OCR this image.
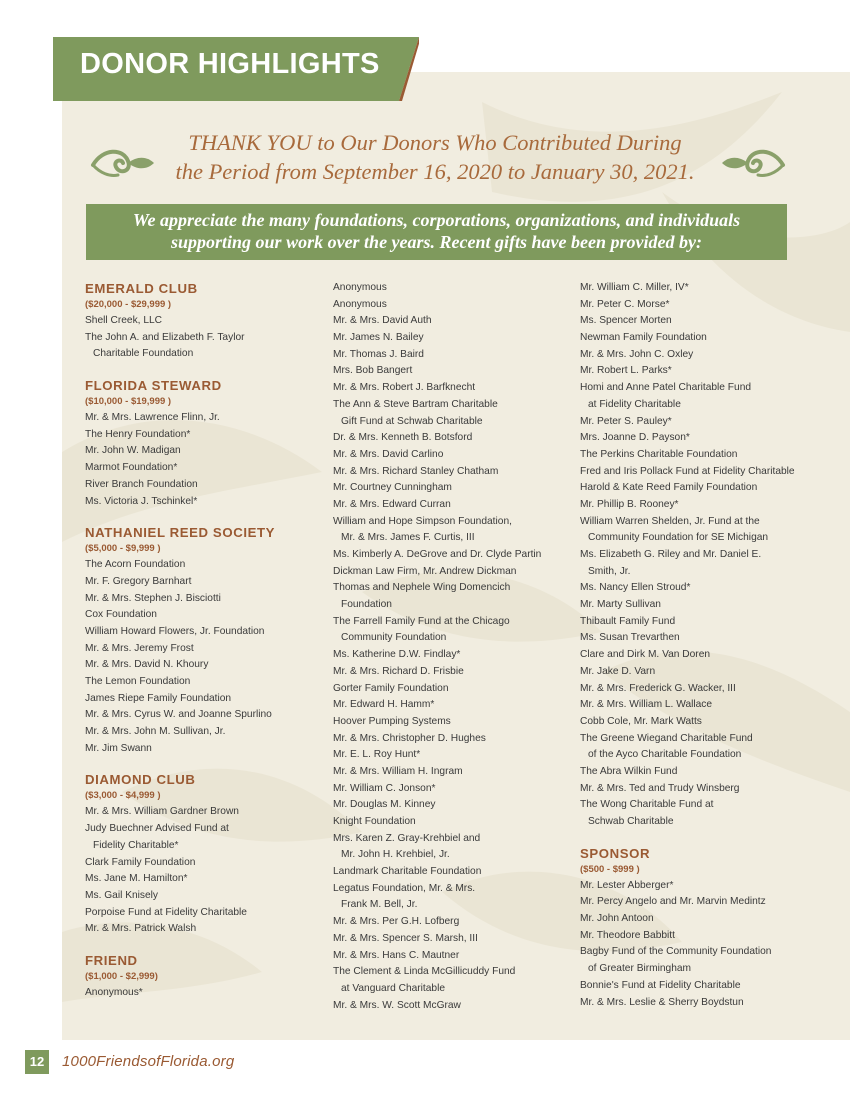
DONOR HIGHLIGHTS
THANK YOU to Our Donors Who Contributed During
the Period from September 16, 2020 to January 30, 2021.
We appreciate the many foundations, corporations, organizations, and individuals
supporting our work over the years. Recent gifts have been provided by:
EMERALD CLUB
($20,000 - $29,999 )
Shell Creek, LLC
The John A. and Elizabeth F. Taylor
Charitable Foundation
FLORIDA STEWARD
($10,000 - $19,999 )
Mr. & Mrs. Lawrence Flinn, Jr.
The Henry Foundation*
Mr. John W. Madigan
Marmot Foundation*
River Branch Foundation
Ms. Victoria J. Tschinkel*
NATHANIEL REED SOCIETY
($5,000 - $9,999 )
The Acorn Foundation
Mr. F. Gregory Barnhart
Mr. & Mrs. Stephen J. Bisciotti
Cox Foundation
William Howard Flowers, Jr. Foundation
Mr. & Mrs. Jeremy Frost
Mr. & Mrs. David N. Khoury
The Lemon Foundation
James Riepe Family Foundation
Mr. & Mrs. Cyrus W. and Joanne Spurlino
Mr. & Mrs. John M. Sullivan, Jr.
Mr. Jim Swann
DIAMOND CLUB
($3,000 - $4,999 )
Mr. & Mrs. William Gardner Brown
Judy Buechner Advised Fund at
Fidelity Charitable*
Clark Family Foundation
Ms. Jane M. Hamilton*
Ms. Gail Knisely
Porpoise Fund at Fidelity Charitable
Mr. & Mrs. Patrick Walsh
FRIEND
($1,000 - $2,999)
Anonymous*
Anonymous
Anonymous
Mr. & Mrs. David Auth
Mr. James N. Bailey
Mr. Thomas J. Baird
Mrs. Bob Bangert
Mr. & Mrs. Robert J. Barfknecht
The Ann & Steve Bartram Charitable
Gift Fund at Schwab Charitable
Dr. & Mrs. Kenneth B. Botsford
Mr. & Mrs. David Carlino
Mr. & Mrs. Richard Stanley Chatham
Mr. Courtney Cunningham
Mr. & Mrs. Edward Curran
William and Hope Simpson Foundation,
Mr. & Mrs. James F. Curtis, III
Ms. Kimberly A. DeGrove and Dr. Clyde Partin
Dickman Law Firm, Mr. Andrew Dickman
Thomas and Nephele Wing Domencich
Foundation
The Farrell Family Fund at the Chicago
Community Foundation
Ms. Katherine D.W. Findlay*
Mr. & Mrs. Richard D. Frisbie
Gorter Family Foundation
Mr. Edward H. Hamm*
Hoover Pumping Systems
Mr. & Mrs. Christopher D. Hughes
Mr. E. L. Roy Hunt*
Mr. & Mrs. William H. Ingram
Mr. William C. Jonson*
Mr. Douglas M. Kinney
Knight Foundation
Mrs. Karen Z. Gray-Krehbiel and
Mr. John H. Krehbiel, Jr.
Landmark Charitable Foundation
Legatus Foundation, Mr. & Mrs.
Frank M. Bell, Jr.
Mr. & Mrs. Per G.H. Lofberg
Mr. & Mrs. Spencer S. Marsh, III
Mr. & Mrs. Hans C. Mautner
The Clement & Linda McGillicuddy Fund
at Vanguard Charitable
Mr. & Mrs. W. Scott McGraw
Mr. William C. Miller, IV*
Mr. Peter C. Morse*
Ms. Spencer Morten
Newman Family Foundation
Mr. & Mrs. John C. Oxley
Mr. Robert L. Parks*
Homi and Anne Patel Charitable Fund
at Fidelity Charitable
Mr. Peter S. Pauley*
Mrs. Joanne D. Payson*
The Perkins Charitable Foundation
Fred and Iris Pollack Fund at Fidelity Charitable
Harold & Kate Reed Family Foundation
Mr. Phillip B. Rooney*
William Warren Shelden, Jr. Fund at the
Community Foundation for SE Michigan
Ms. Elizabeth G. Riley and Mr. Daniel E.
Smith, Jr.
Ms. Nancy Ellen Stroud*
Mr. Marty Sullivan
Thibault Family Fund
Ms. Susan Trevarthen
Clare and Dirk M. Van Doren
Mr. Jake D. Varn
Mr. & Mrs. Frederick G. Wacker, III
Mr. & Mrs. William L. Wallace
Cobb Cole, Mr. Mark Watts
The Greene Wiegand Charitable Fund
of the Ayco Charitable Foundation
The Abra Wilkin Fund
Mr. & Mrs. Ted and Trudy Winsberg
The Wong Charitable Fund at
Schwab Charitable
SPONSOR
($500 - $999 )
Mr. Lester Abberger*
Mr. Percy Angelo and Mr. Marvin Medintz
Mr. John Antoon
Mr. Theodore Babbitt
Bagby Fund of the Community Foundation
of Greater Birmingham
Bonnie's Fund at Fidelity Charitable
Mr. & Mrs. Leslie & Sherry Boydstun
12	1000FriendsofFlorida.org
